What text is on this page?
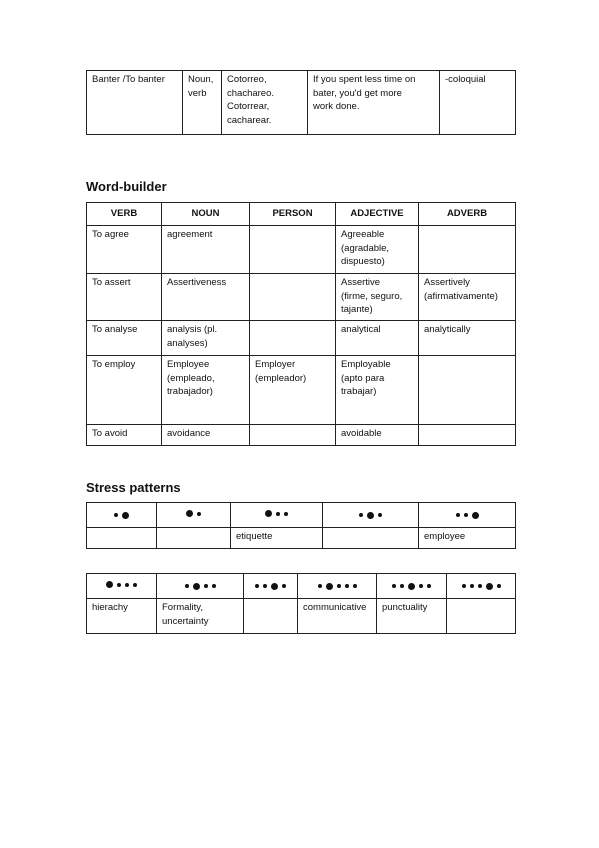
Banter /To banter	Noun,
verb	Cotorreo,
chachareo.
Cotorrear,
cacharear.	If you spent less time on
bater, you'd get more
work done.	-coloquial
Word-builder
VERB	NOUN	PERSON	ADJECTIVE	ADVERB
To agree	agreement		Agreeable
(agradable,
dispuesto)	
To assert	Assertiveness		Assertive
(firme, seguro,
tajante)	Assertively
(afirmativamente)
To analyse	analysis (pl.
analyses)		analytical	analytically
To employ	Employee
(empleado,
trabajador)	Employer
(empleador)	Employable
(apto para
trabajar)	
To avoid	avoidance		avoidable	
Stress patterns

		etiquette		employee

hierachy	Formality,
uncertainty		communicative	punctuality	
